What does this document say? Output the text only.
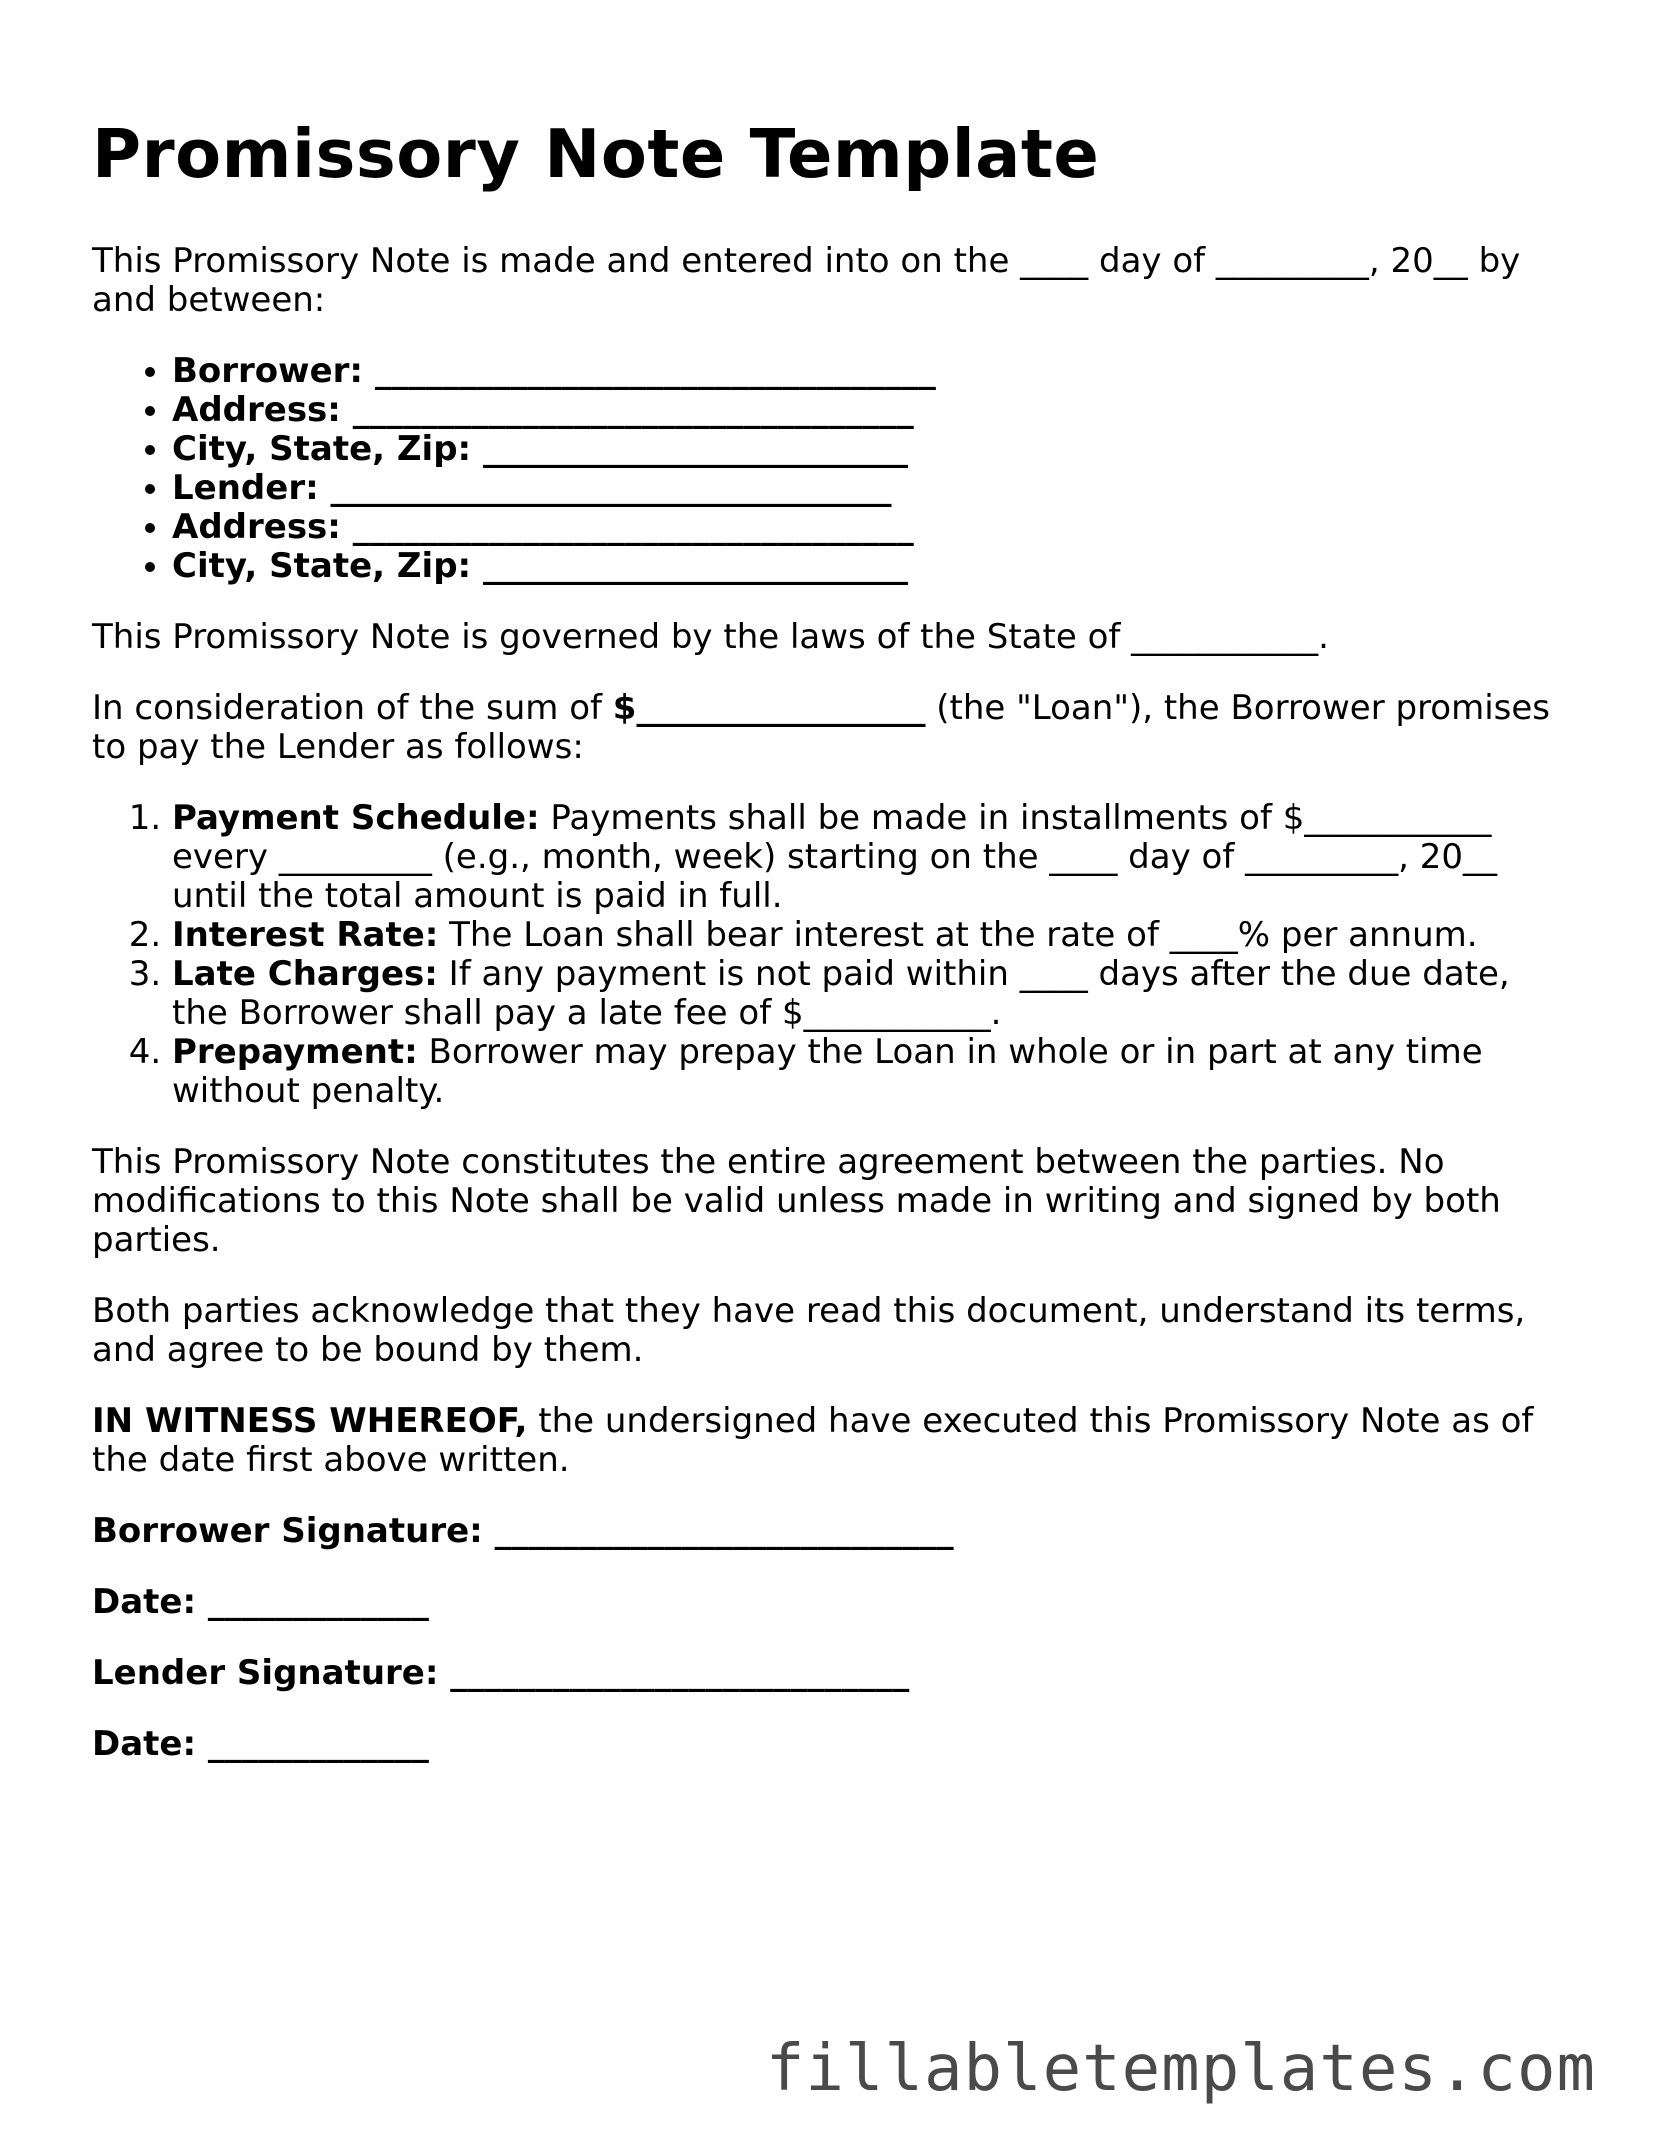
Promissory Note Template

This Promissory Note is made and entered into on the ____ day of _________, 20__ by and between:

• Borrower: _________________________________
• Address: _________________________________
• City, State, Zip: _________________________
• Lender: _________________________________
• Address: _________________________________
• City, State, Zip: _________________________

This Promissory Note is governed by the laws of the State of ___________.

In consideration of the sum of $_________________ (the "Loan"), the Borrower promises to pay the Lender as follows:

1. Payment Schedule: Payments shall be made in installments of $___________ every _________ (e.g., month, week) starting on the ____ day of _________, 20__ until the total amount is paid in full.
2. Interest Rate: The Loan shall bear interest at the rate of ____% per annum.
3. Late Charges: If any payment is not paid within ____ days after the due date, the Borrower shall pay a late fee of $___________.
4. Prepayment: Borrower may prepay the Loan in whole or in part at any time without penalty.

This Promissory Note constitutes the entire agreement between the parties. No modifications to this Note shall be valid unless made in writing and signed by both parties.

Both parties acknowledge that they have read this document, understand its terms, and agree to be bound by them.

IN WITNESS WHEREOF, the undersigned have executed this Promissory Note as of the date first above written.

Borrower Signature: ___________________________
Date: _____________
Lender Signature: ___________________________
Date: _____________
fillabletemplates.com
